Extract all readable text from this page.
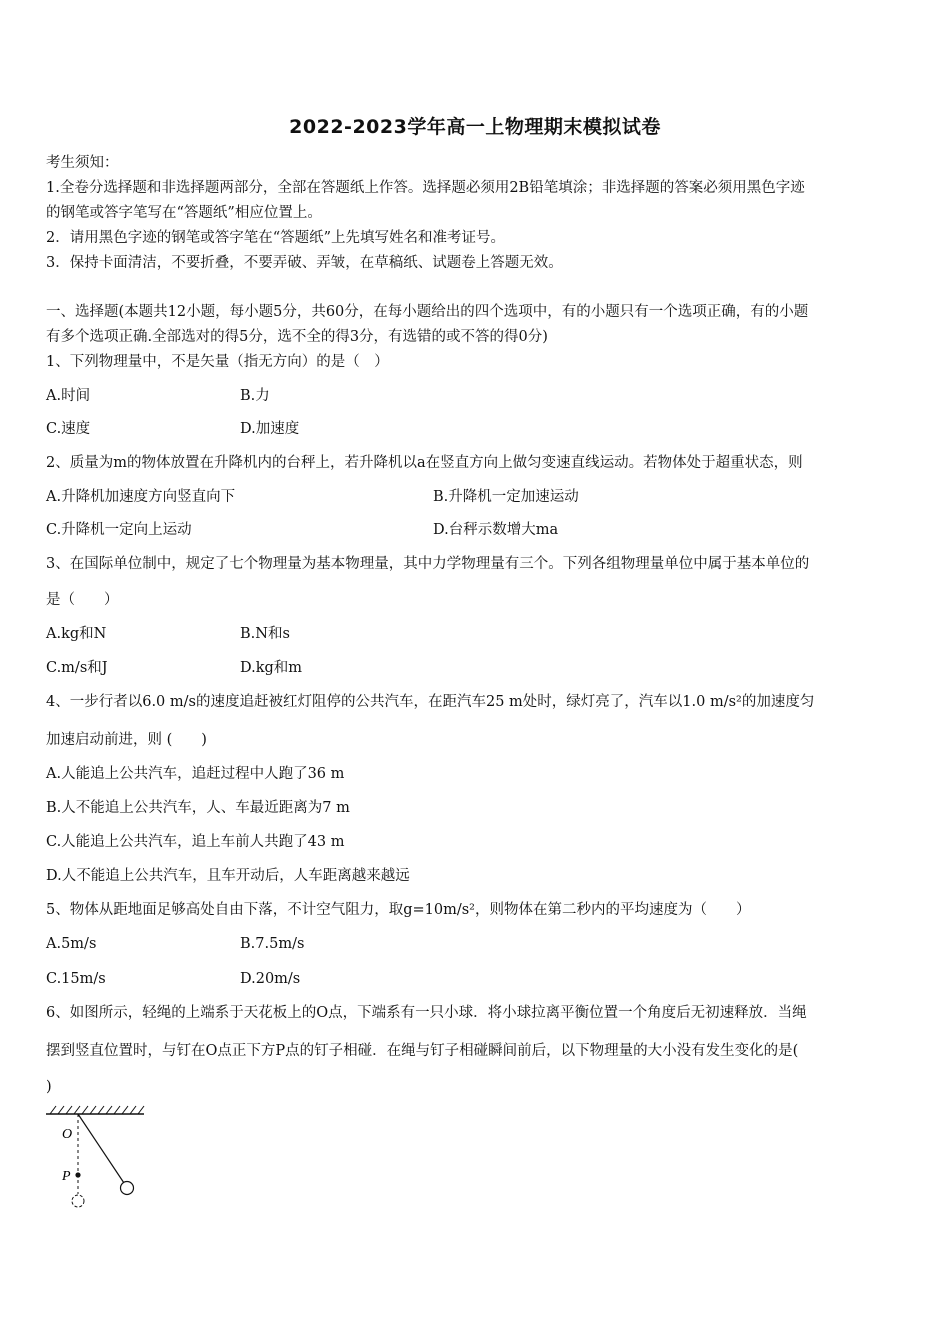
2022-2023学年高一上物理期末模拟试卷
考生须知：
1.全卷分选择题和非选择题两部分，全部在答题纸上作答。选择题必须用2B铅笔填涂；非选择题的答案必须用黑色字迹
的钢笔或答字笔写在“答题纸”相应位置上。
2．请用黑色字迹的钢笔或答字笔在“答题纸”上先填写姓名和准考证号。
3．保持卡面清洁，不要折叠，不要弄破、弄皱，在草稿纸、试题卷上答题无效。
一、选择题(本题共12小题，每小题5分，共60分，在每小题给出的四个选项中，有的小题只有一个选项正确，有的小题
有多个选项正确.全部选对的得5分，选不全的得3分，有选错的或不答的得0分)
1、下列物理量中，不是矢量（指无方向）的是（　）
A.时间	B.力
C.速度	D.加速度
2、质量为m的物体放置在升降机内的台秤上，若升降机以a在竖直方向上做匀变速直线运动。若物体处于超重状态，则
A.升降机加速度方向竖直向下	B.升降机一定加速运动
C.升降机一定向上运动	D.台秤示数增大ma
3、在国际单位制中，规定了七个物理量为基本物理量，其中力学物理量有三个。下列各组物理量单位中属于基本单位的
是（　　）
A.kg和N	B.N和s
C.m/s和J	D.kg和m
4、一步行者以6.0 m/s的速度追赶被红灯阻停的公共汽车，在距汽车25 m处时，绿灯亮了，汽车以1.0 m/s²的加速度匀
加速启动前进，则 (　　)
A.人能追上公共汽车，追赶过程中人跑了36 m
B.人不能追上公共汽车，人、车最近距离为7 m
C.人能追上公共汽车，追上车前人共跑了43 m
D.人不能追上公共汽车，且车开动后，人车距离越来越远
5、物体从距地面足够高处自由下落，不计空气阻力，取g=10m/s²，则物体在第二秒内的平均速度为（　　）
A.5m/s	B.7.5m/s
C.15m/s	D.20m/s
6、如图所示，轻绳的上端系于天花板上的O点，下端系有一只小球．将小球拉离平衡位置一个角度后无初速释放．当绳
摆到竖直位置时，与钉在O点正下方P点的钉子相碰．在绳与钉子相碰瞬间前后，以下物理量的大小没有发生变化的是(
)
O
P
